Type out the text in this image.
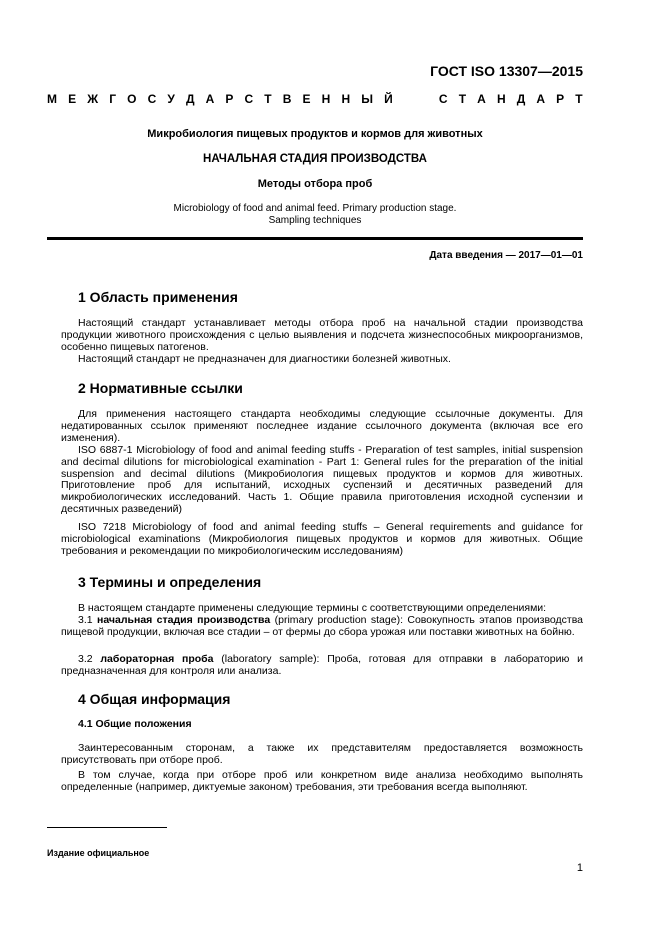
ГОСТ ISO 13307—2015
М Е Ж Г О С У Д А Р С Т В Е Н Н Ы Й	С Т А Н Д А Р Т
Микробиология пищевых продуктов и кормов для животных
НАЧАЛЬНАЯ СТАДИЯ ПРОИЗВОДСТВА
Методы отбора проб
Microbiology of food and animal feed. Primary production stage.
Sampling techniques
Дата введения — 2017—01—01
1 Область применения

Настоящий стандарт устанавливает методы отбора проб на начальной стадии производства продукции животного происхождения с целью выявления и подсчета жизнеспособных микроорганизмов, особенно пищевых патогенов.

Настоящий стандарт не предназначен для диагностики болезней животных.

2 Нормативные ссылки

Для применения настоящего стандарта необходимы следующие ссылочные документы. Для недатированных ссылок применяют последнее издание ссылочного документа (включая все его изменения).

ISO 6887-1 Microbiology of food and animal feeding stuffs - Preparation of test samples, initial suspension and decimal dilutions for microbiological examination - Part 1: General rules for the preparation of the initial suspension and decimal dilutions (Микробиология пищевых продуктов и кормов для животных. Приготовление проб для испытаний, исходных суспензий и десятичных разведений для микробиологических исследований. Часть 1. Общие правила приготовления исходной суспензии и десятичных разведений)

ISO 7218 Microbiology of food and animal feeding stuffs – General requirements and guidance for microbiological examinations (Микробиология пищевых продуктов и кормов для животных. Общие требования и рекомендации по микробиологическим исследованиям)

3 Термины и определения

В настоящем стандарте применены следующие термины с соответствующими определениями:

3.1 начальная стадия производства (primary production stage): Совокупность этапов производства пищевой продукции, включая все стадии – от фермы до сбора урожая или поставки животных на бойню.

3.2 лабораторная проба (laboratory sample): Проба, готовая для отправки в лабораторию и предназначенная для контроля или анализа.

4 Общая информация
4.1 Общие положения

Заинтересованным сторонам, а также их представителям предоставляется возможность присутствовать при отборе проб.

В том случае, когда при отборе проб или конкретном виде анализа необходимо выполнять определенные (например, диктуемые законом) требования, эти требования всегда выполняют.

Издание официальное
1
